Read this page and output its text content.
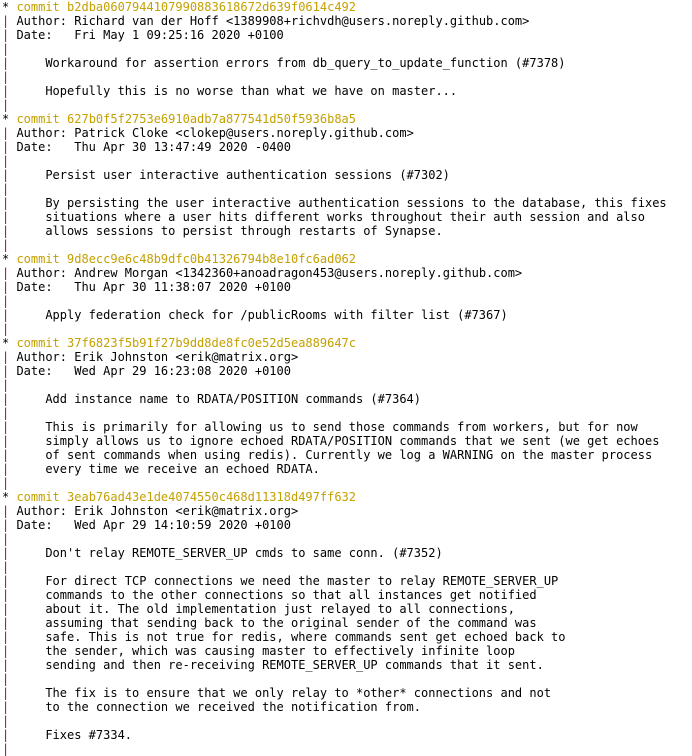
* commit b2dba0607944107990883618672d639f0614c492
| Author: Richard van der Hoff <1389908+richvdh@users.noreply.github.com>
| Date: Fri May 1 09:25:16 2020 +0100
|
|	Workaround for assertion errors from db_query_to_update_function (#7378)
|
|	Hopefully this is no worse than what we have on master...
|
* commit 627b0f5f2753e6910adb7a877541d50f5936b8a5
| Author: Patrick Cloke <clokep@users.noreply.github.com>
| Date: Thu Apr 30 13:47:49 2020 -0400
|
|	Persist user interactive authentication sessions (#7302)
|
|	By persisting the user interactive authentication sessions to the database, this fixes
|	situations where a user hits different works throughout their auth session and also
|	allows sessions to persist through restarts of Synapse.
|
* commit 9d8ecc9e6c48b9dfc0b41326794b8e10fc6ad062
| Author: Andrew Morgan <1342360+anoadragon453@users.noreply.github.com>
| Date: Thu Apr 30 11:38:07 2020 +0100
|
|	Apply federation check for /publicRooms with filter list (#7367)
|
* commit 37f6823f5b91f27b9dd8de8fc0e52d5ea889647c
| Author: Erik Johnston <erik@matrix.org>
| Date: Wed Apr 29 16:23:08 2020 +0100
|
|	Add instance name to RDATA/POSITION commands (#7364)
|
|	This is primarily for allowing us to send those commands from workers, but for now
|	simply allows us to ignore echoed RDATA/POSITION commands that we sent (we get echoes
|	of sent commands when using redis). Currently we log a WARNING on the master process
|	every time we receive an echoed RDATA.
|
* commit 3eab76ad43e1de4074550c468d11318d497ff632
| Author: Erik Johnston <erik@matrix.org>
| Date: Wed Apr 29 14:10:59 2020 +0100
|
|	Don't relay REMOTE_SERVER_UP cmds to same conn. (#7352)
|
|	For direct TCP connections we need the master to relay REMOTE_SERVER_UP
|	commands to the other connections so that all instances get notified
|	about it. The old implementation just relayed to all connections,
|	assuming that sending back to the original sender of the command was
|	safe. This is not true for redis, where commands sent get echoed back to
|	the sender, which was causing master to effectively infinite loop
|	sending and then re-receiving REMOTE_SERVER_UP commands that it sent.
|
|	The fix is to ensure that we only relay to *other* connections and not
|	to the connection we received the notification from.
|
|	Fixes #7334.
|
